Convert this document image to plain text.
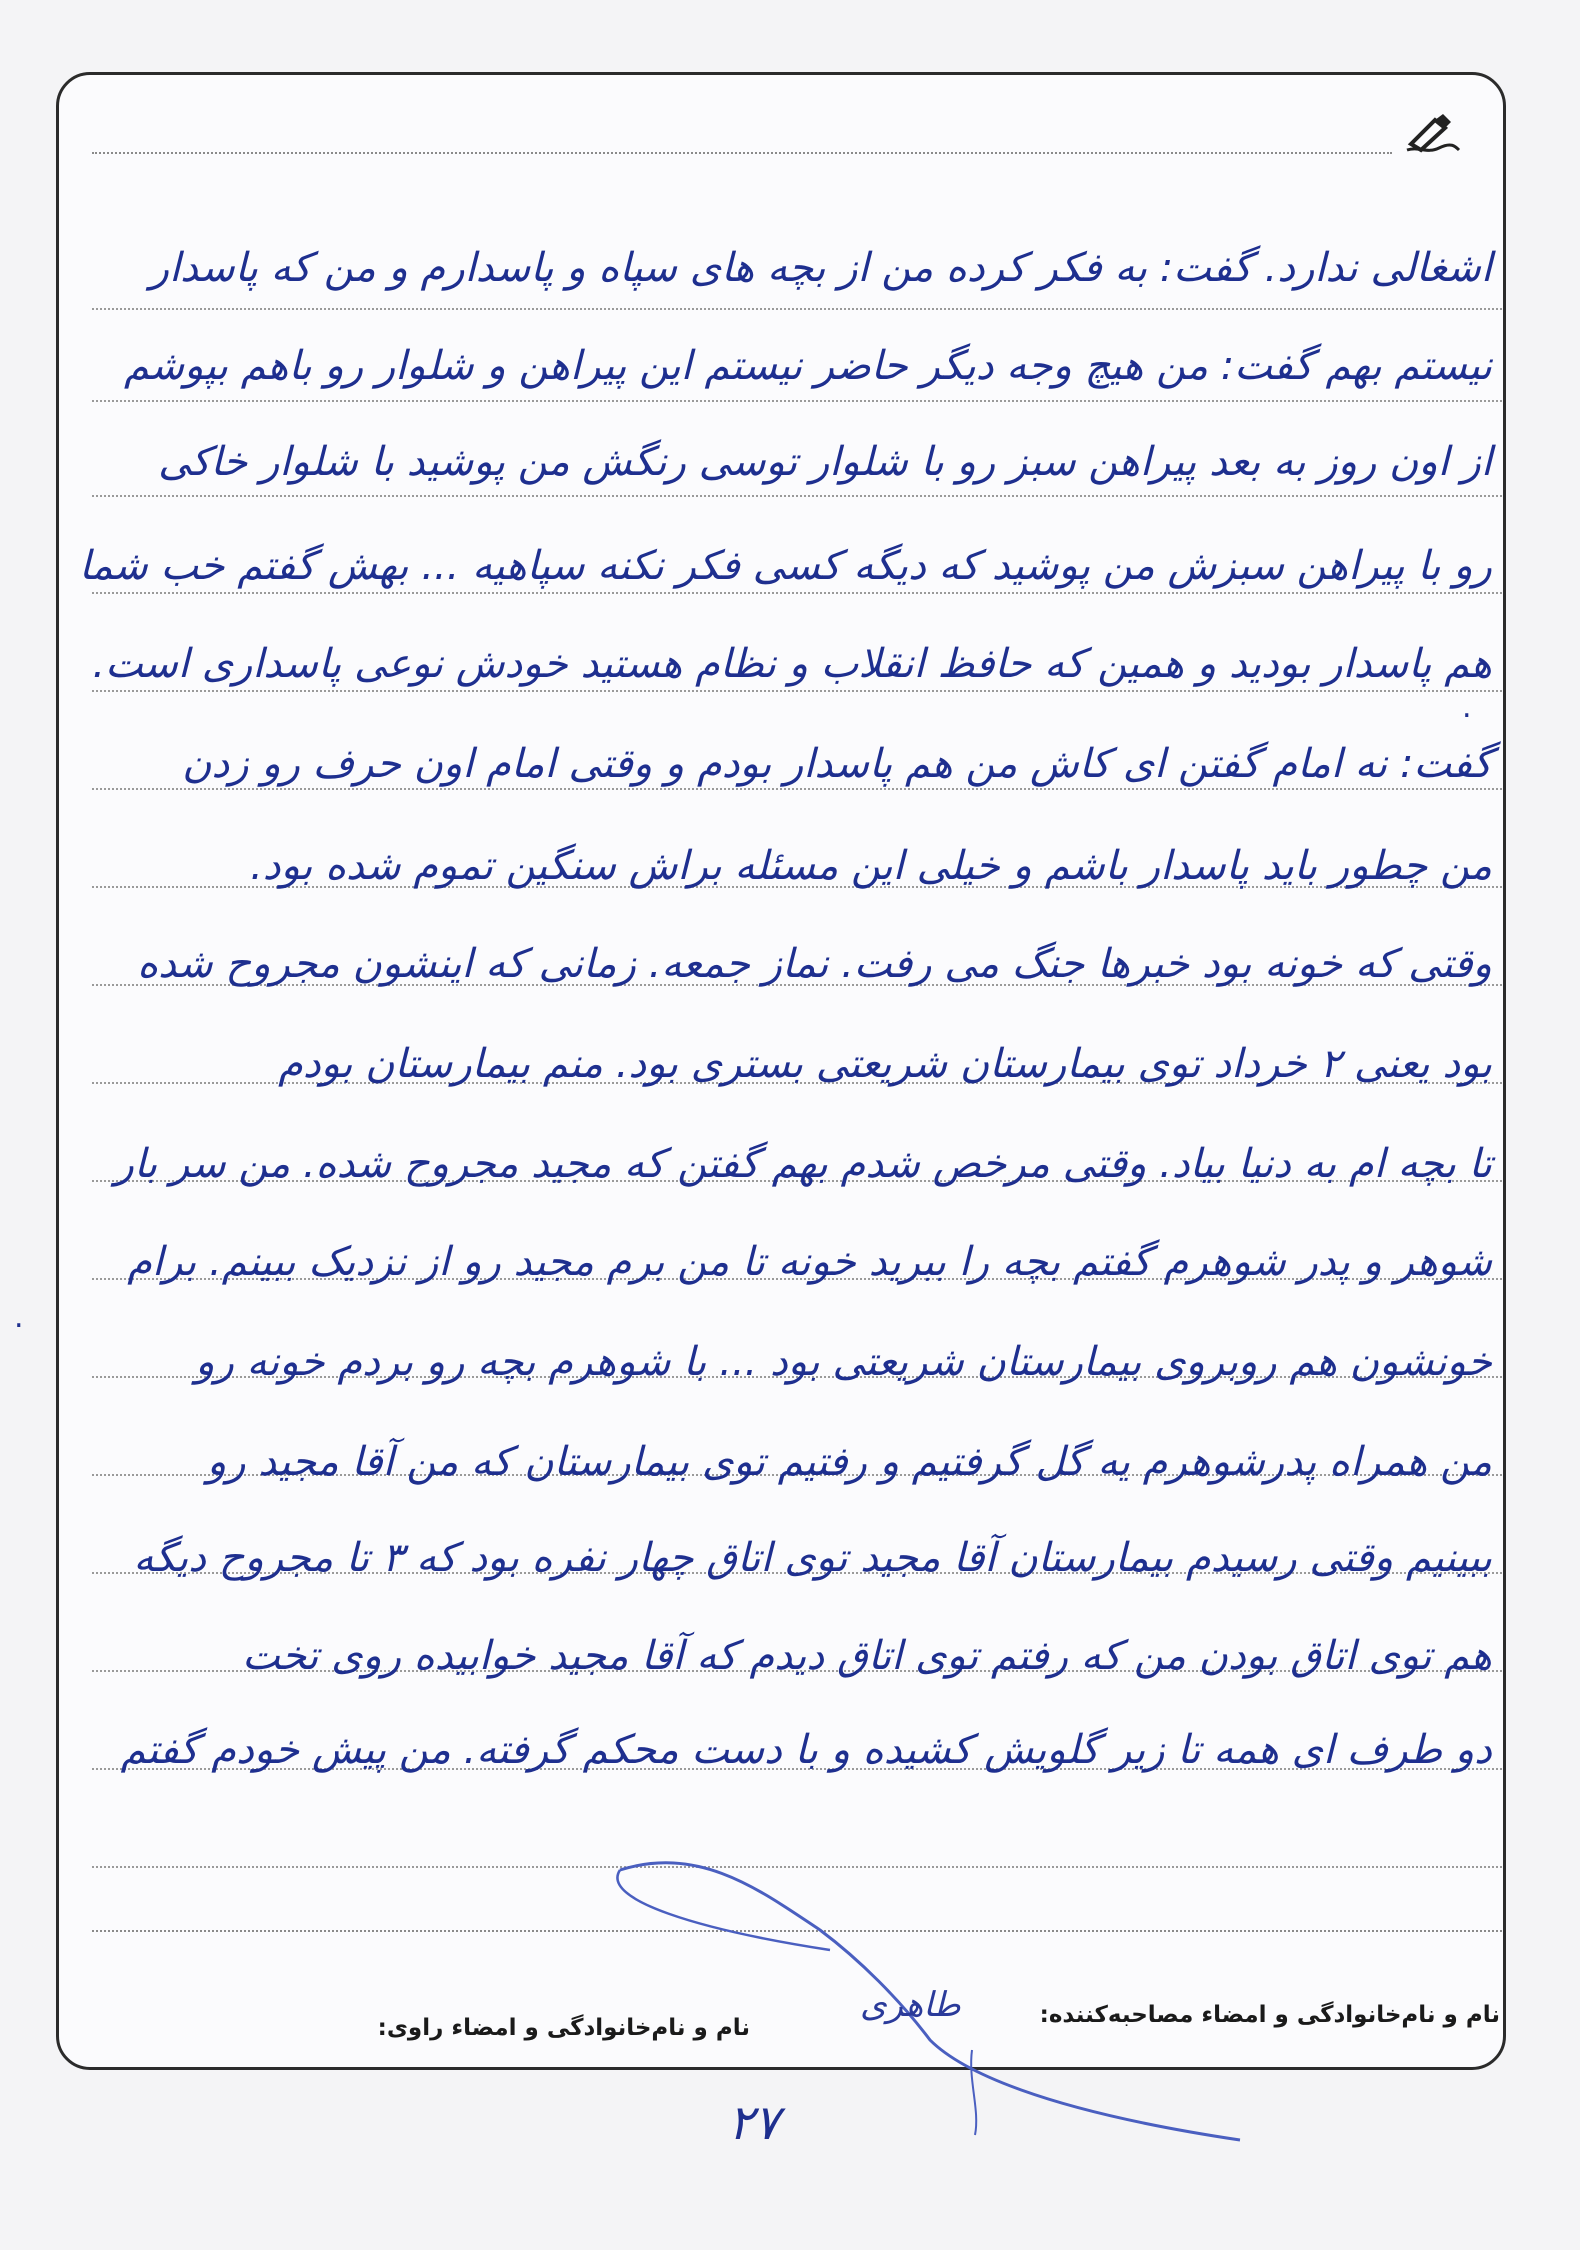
اشغالی ندارد. گفت: به فکر کرده من از بچه های سپاه و پاسدارم و من که پاسدار
نیستم بهم گفت: من هیچ وجه دیگر حاضر نیستم این پیراهن و شلوار رو باهم بپوشم
از اون روز به بعد پیراهن سبز رو با شلوار توسی رنگش من پوشید با شلوار خاکی
رو با پیراهن سبزش من پوشید که دیگه کسی فکر نکنه سپاهیه ... بهش گفتم خب شما
هم پاسدار بودید و همین که حافظ انقلاب و نظام هستید خودش نوعی پاسداری است.
گفت: نه امام گفتن ای کاش من هم پاسدار بودم و وقتی امام اون حرف رو زدن
من چطور باید پاسدار باشم و خیلی این مسئله براش سنگین تموم شده بود.
وقتی که خونه بود خبرها جنگ می رفت. نماز جمعه. زمانی که اینشون مجروح شده
بود یعنی ۲ خرداد توی بیمارستان شریعتی بستری بود. منم بیمارستان بودم
تا بچه ام به دنیا بیاد. وقتی مرخص شدم بهم گفتن که مجید مجروح شده. من سر بار
شوهر و پدر شوهرم گفتم بچه را ببرید خونه تا من برم مجید رو از نزدیک ببینم. برام
خونشون هم روبروی بیمارستان شریعتی بود ... با شوهرم بچه رو بردم خونه رو
من همراه پدرشوهرم یه گل گرفتیم و رفتیم توی بیمارستان که من آقا مجید رو
ببینیم وقتی رسیدم بیمارستان آقا مجید توی اتاق چهار نفره بود که ۳ تا مجروح دیگه
هم توی اتاق بودن من که رفتم توی اتاق دیدم که آقا مجید خوابیده روی تخت
دو طرف ای همه تا زیر گلویش کشیده و با دست محکم گرفته. من پیش خودم گفتم
.
.
نام و نام‌خانوادگی و امضاء مصاحبه‌کننده:
نام و نام‌خانوادگی و امضاء راوی:
طاهری
۲۷
